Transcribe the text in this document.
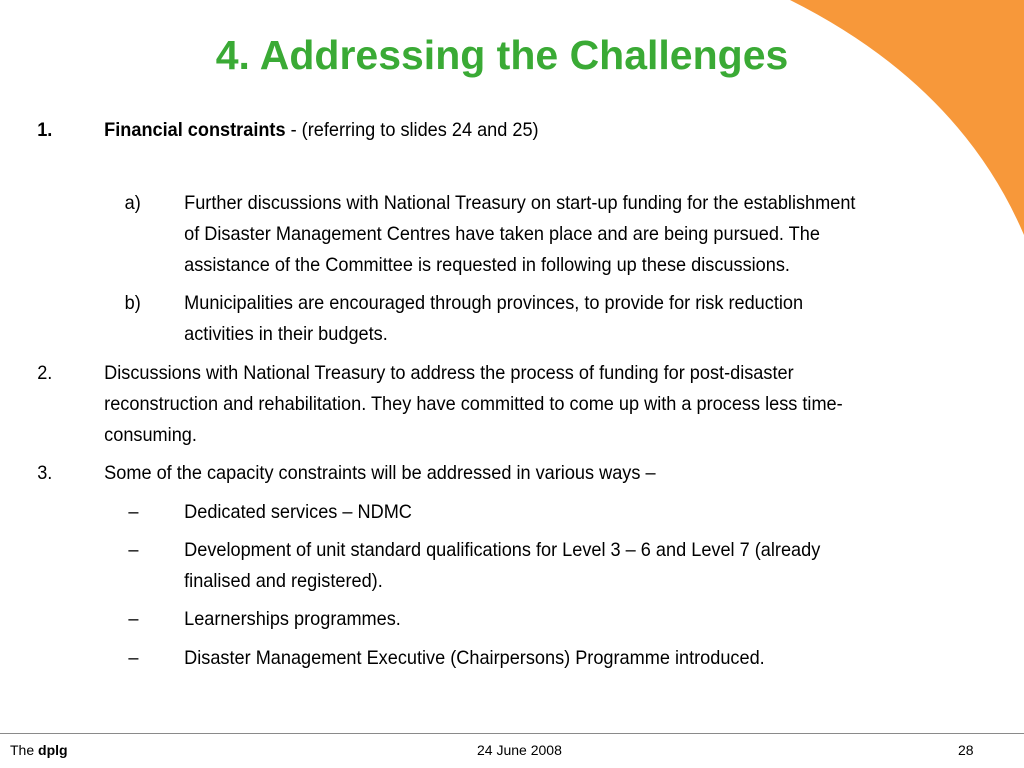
4. Addressing the Challenges
1.	Financial constraints - (referring to slides 24 and 25)
a) Further discussions with National Treasury on start-up funding for the establishment
of Disaster Management Centres have taken place and are being pursued. The
assistance of the Committee is requested in following up these discussions.
b) Municipalities are encouraged through provinces, to provide for risk reduction
activities in their budgets.
2.	Discussions with National Treasury to address the process of funding for post-disaster
reconstruction and rehabilitation. They have committed to come up with a process less time-
consuming.
3.	Some of the capacity constraints will be addressed in various ways –
– Dedicated services – NDMC
– Development of unit standard qualifications for Level 3 – 6 and Level 7 (already
finalised and registered).
– Learnerships programmes.
– Disaster Management Executive (Chairpersons) Programme introduced.
The dplg	24 June 2008	28
